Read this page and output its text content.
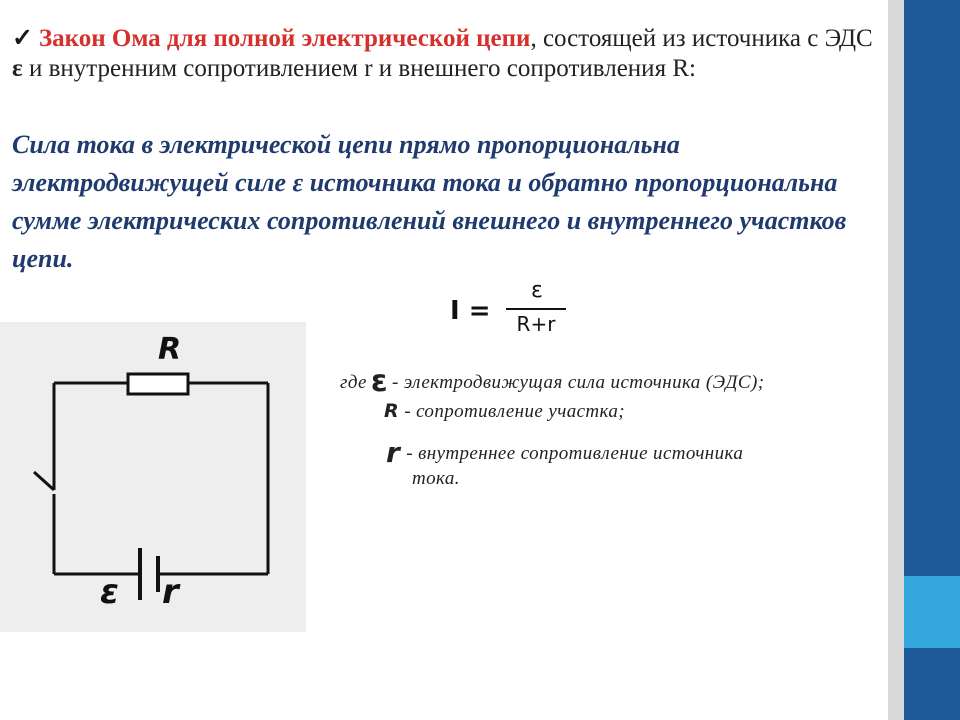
✓ Закон Ома для полной электрической цепи, состоящей из источника с ЭДС ε и внутренним сопротивлением r и внешнего сопротивления R:
Сила тока в электрической цепи прямо пропорциональна электродвижущей силе ε источника тока и обратно пропорциональна сумме электрических сопротивлений внешнего и внутреннего участков цепи.
I =
ε
R+r
R
ε r
где ε - электродвижущая сила источника (ЭДС);
R - сопротивление участка;
r - внутреннее сопротивление источника
тока.
